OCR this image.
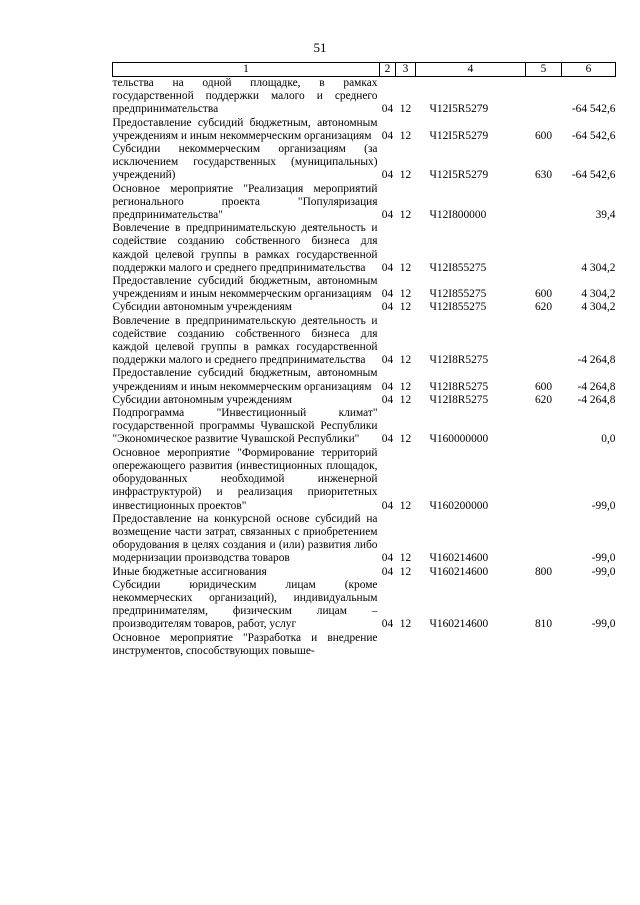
51
1	2	3	4	5	6
тельства на одной площадке, в рамках государственной поддержки малого и среднего предпринимательства	04	12	Ч12I5R5279		-64 542,6
Предоставление субсидий бюджетным, автономным учреждениям и иным некоммерческим организациям	04	12	Ч12I5R5279	600	-64 542,6
Субсидии некоммерческим организациям (за исключением государственных (муниципальных) учреждений)	04	12	Ч12I5R5279	630	-64 542,6
Основное мероприятие "Реализация мероприятий регионального проекта "Популяризация предпринимательства"	04	12	Ч12I800000		39,4
Вовлечение в предпринимательскую деятельность и содействие созданию собственного бизнеса для каждой целевой группы в рамках государственной поддержки малого и среднего предпринимательства	04	12	Ч12I855275		4 304,2
Предоставление субсидий бюджетным, автономным учреждениям и иным некоммерческим организациям	04	12	Ч12I855275	600	4 304,2
Субсидии автономным учреждениям	04	12	Ч12I855275	620	4 304,2
Вовлечение в предпринимательскую деятельность и содействие созданию собственного бизнеса для каждой целевой группы в рамках государственной поддержки малого и среднего предпринимательства	04	12	Ч12I8R5275		-4 264,8
Предоставление субсидий бюджетным, автономным учреждениям и иным некоммерческим организациям	04	12	Ч12I8R5275	600	-4 264,8
Субсидии автономным учреждениям	04	12	Ч12I8R5275	620	-4 264,8
Подпрограмма "Инвестиционный климат" государственной программы Чувашской Республики "Экономическое развитие Чувашской Республики"	04	12	Ч160000000		0,0
Основное мероприятие "Формирование территорий опережающего развития (инвестиционных площадок, оборудованных необходимой инженерной инфраструктурой) и реализация приоритетных инвестиционных проектов"	04	12	Ч160200000		-99,0
Предоставление на конкурсной основе субсидий на возмещение части затрат, связанных с приобретением оборудования в целях создания и (или) развития либо модернизации производства товаров	04	12	Ч160214600		-99,0
Иные бюджетные ассигнования	04	12	Ч160214600	800	-99,0
Субсидии юридическим лицам (кроме некоммерческих организаций), индивидуальным предпринимателям, физическим лицам – производителям товаров, работ, услуг	04	12	Ч160214600	810	-99,0
Основное мероприятие "Разработка и внедрение инструментов, способствующих повыше-					
